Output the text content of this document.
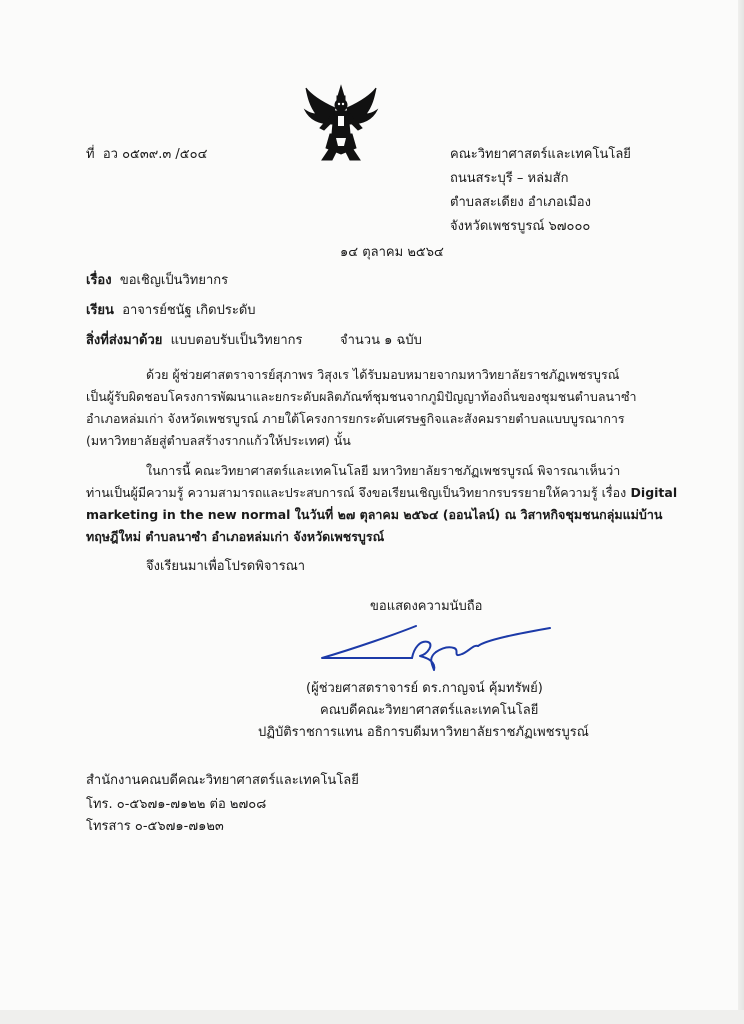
ที่ อว ๐๕๓๙.๓ /๕๐๔	คณะวิทยาศาสตร์และเทคโนโลยี
ถนนสระบุรี – หล่มสัก
ตำบลสะเดียง อำเภอเมือง
จังหวัดเพชรบูรณ์ ๖๗๐๐๐
๑๔ ตุลาคม ๒๕๖๔
เรื่อง ขอเชิญเป็นวิทยากร
เรียน อาจารย์ชนัฐ เกิดประดับ
สิ่งที่ส่งมาด้วย แบบตอบรับเป็นวิทยากร	จำนวน ๑ ฉบับ
ด้วย ผู้ช่วยศาสตราจารย์สุภาพร วิสุงเร ได้รับมอบหมายจากมหาวิทยาลัยราชภัฏเพชรบูรณ์
เป็นผู้รับผิดชอบโครงการพัฒนาและยกระดับผลิตภัณฑ์ชุมชนจากภูมิปัญญาท้องถิ่นของชุมชนตำบลนาซำ
อำเภอหล่มเก่า จังหวัดเพชรบูรณ์ ภายใต้โครงการยกระดับเศรษฐกิจและสังคมรายตำบลแบบบูรณาการ
(มหาวิทยาลัยสู่ตำบลสร้างรากแก้วให้ประเทศ) นั้น
ในการนี้ คณะวิทยาศาสตร์และเทคโนโลยี มหาวิทยาลัยราชภัฏเพชรบูรณ์ พิจารณาเห็นว่า
ท่านเป็นผู้มีความรู้ ความสามารถและประสบการณ์ จึงขอเรียนเชิญเป็นวิทยากรบรรยายให้ความรู้ เรื่อง Digital
marketing in the new normal ในวันที่ ๒๗ ตุลาคม ๒๕๖๔ (ออนไลน์) ณ วิสาหกิจชุมชนกลุ่มแม่บ้าน
ทฤษฎีใหม่ ตำบลนาซำ อำเภอหล่มเก่า จังหวัดเพชรบูรณ์
จึงเรียนมาเพื่อโปรดพิจารณา
ขอแสดงความนับถือ
(ผู้ช่วยศาสตราจารย์ ดร.กาญจน์ คุ้มทรัพย์)
คณบดีคณะวิทยาศาสตร์และเทคโนโลยี
ปฏิบัติราชการแทน อธิการบดีมหาวิทยาลัยราชภัฏเพชรบูรณ์
สำนักงานคณบดีคณะวิทยาศาสตร์และเทคโนโลยี
โทร. ๐-๕๖๗๑-๗๑๒๒ ต่อ ๒๗๐๘
โทรสาร ๐-๕๖๗๑-๗๑๒๓
